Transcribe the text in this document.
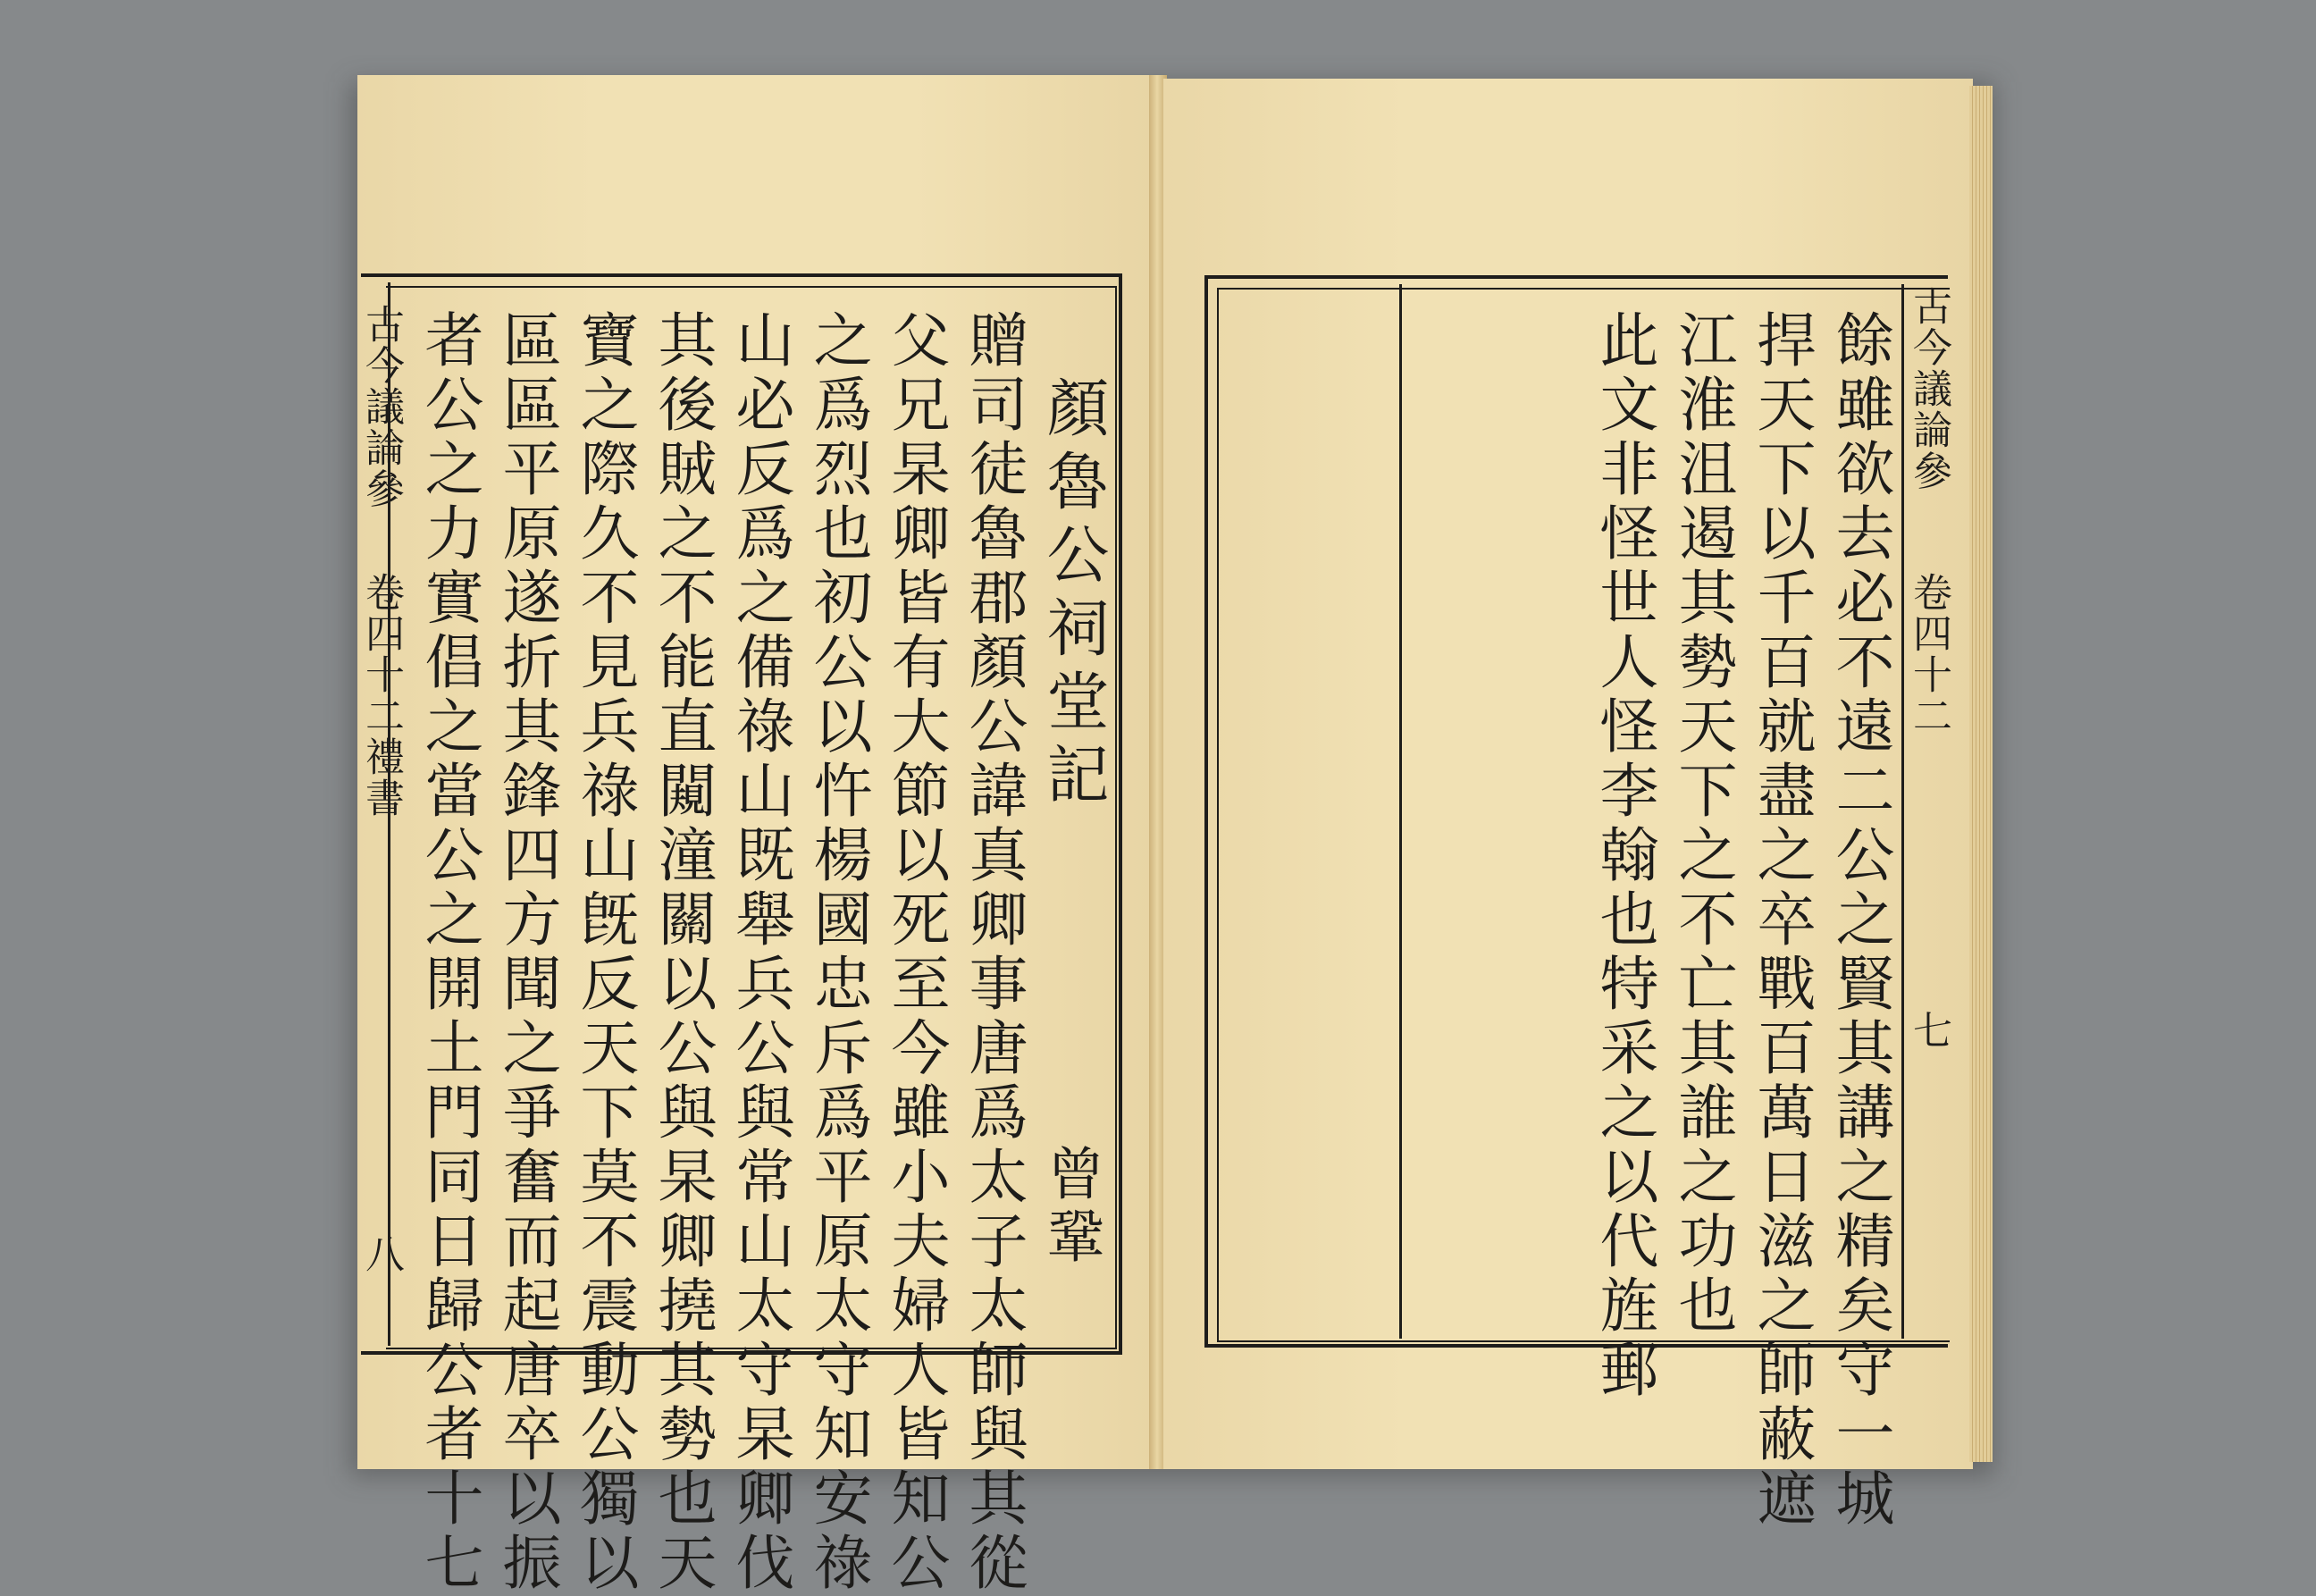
古今議論參
卷四十二禮書
八
顏魯公祠堂記
曾鞏
贈司徒魯郡顏公諱真卿事唐爲太子太師與其從
父兄杲卿皆有大節以死至今雖小夫婦人皆知公
之爲烈也初公以忤楊國忠斥爲平原太守知安祿
山必反爲之備祿山既舉兵公與常山太守杲卿伐
其後賊之不能直闚潼關以公與杲卿撓其勢也天
寶之際久不見兵祿山旣反天下莫不震動公獨以
區區平原遂折其鋒四方聞之爭奮而起唐卒以振
者公之力實倡之當公之開土門同日歸公者十七	古今議論參
卷四十二
七
餘雖欲去必不遠二公之賢其講之精矣守一城
捍天下以千百就盡之卒戰百萬日滋之師蔽遮
江淮沮遏其勢天下之不亡其誰之功也
此文非怪世人怪李翰也特采之以代旌郵
